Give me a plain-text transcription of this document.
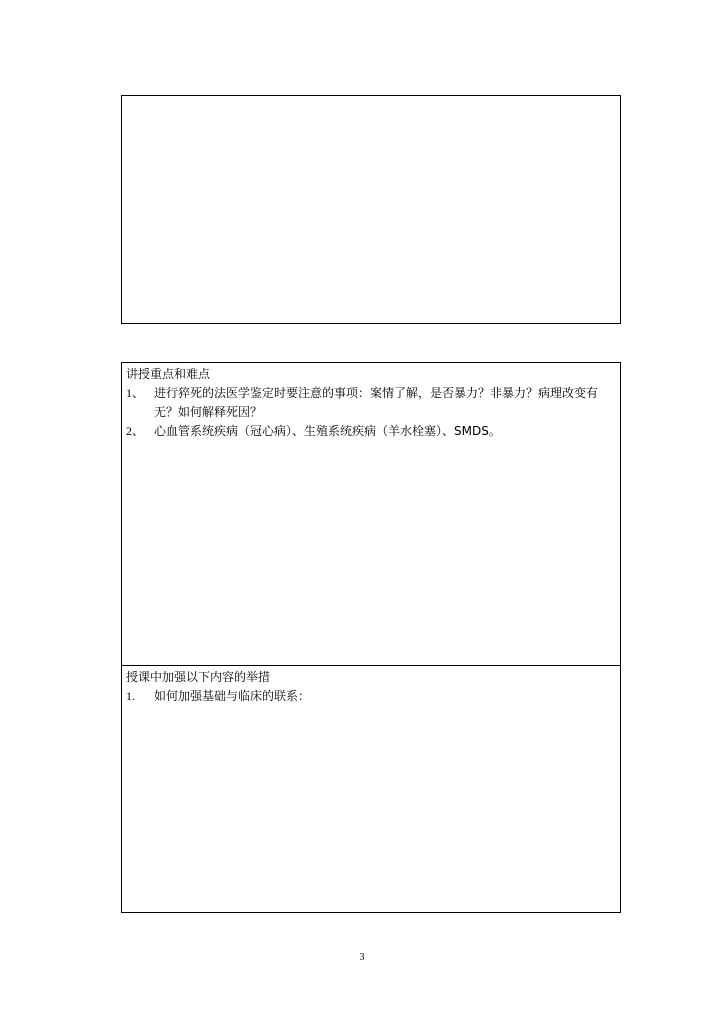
讲授重点和难点
1、 进行猝死的法医学鉴定时要注意的事项：案情了解，是否暴力？非暴力？病理改变有无？如何解释死因？
2、 心血管系统疾病（冠心病）、生殖系统疾病（羊水栓塞）、SMDS。
授课中加强以下内容的举措
1.	如何加强基础与临床的联系：
3
